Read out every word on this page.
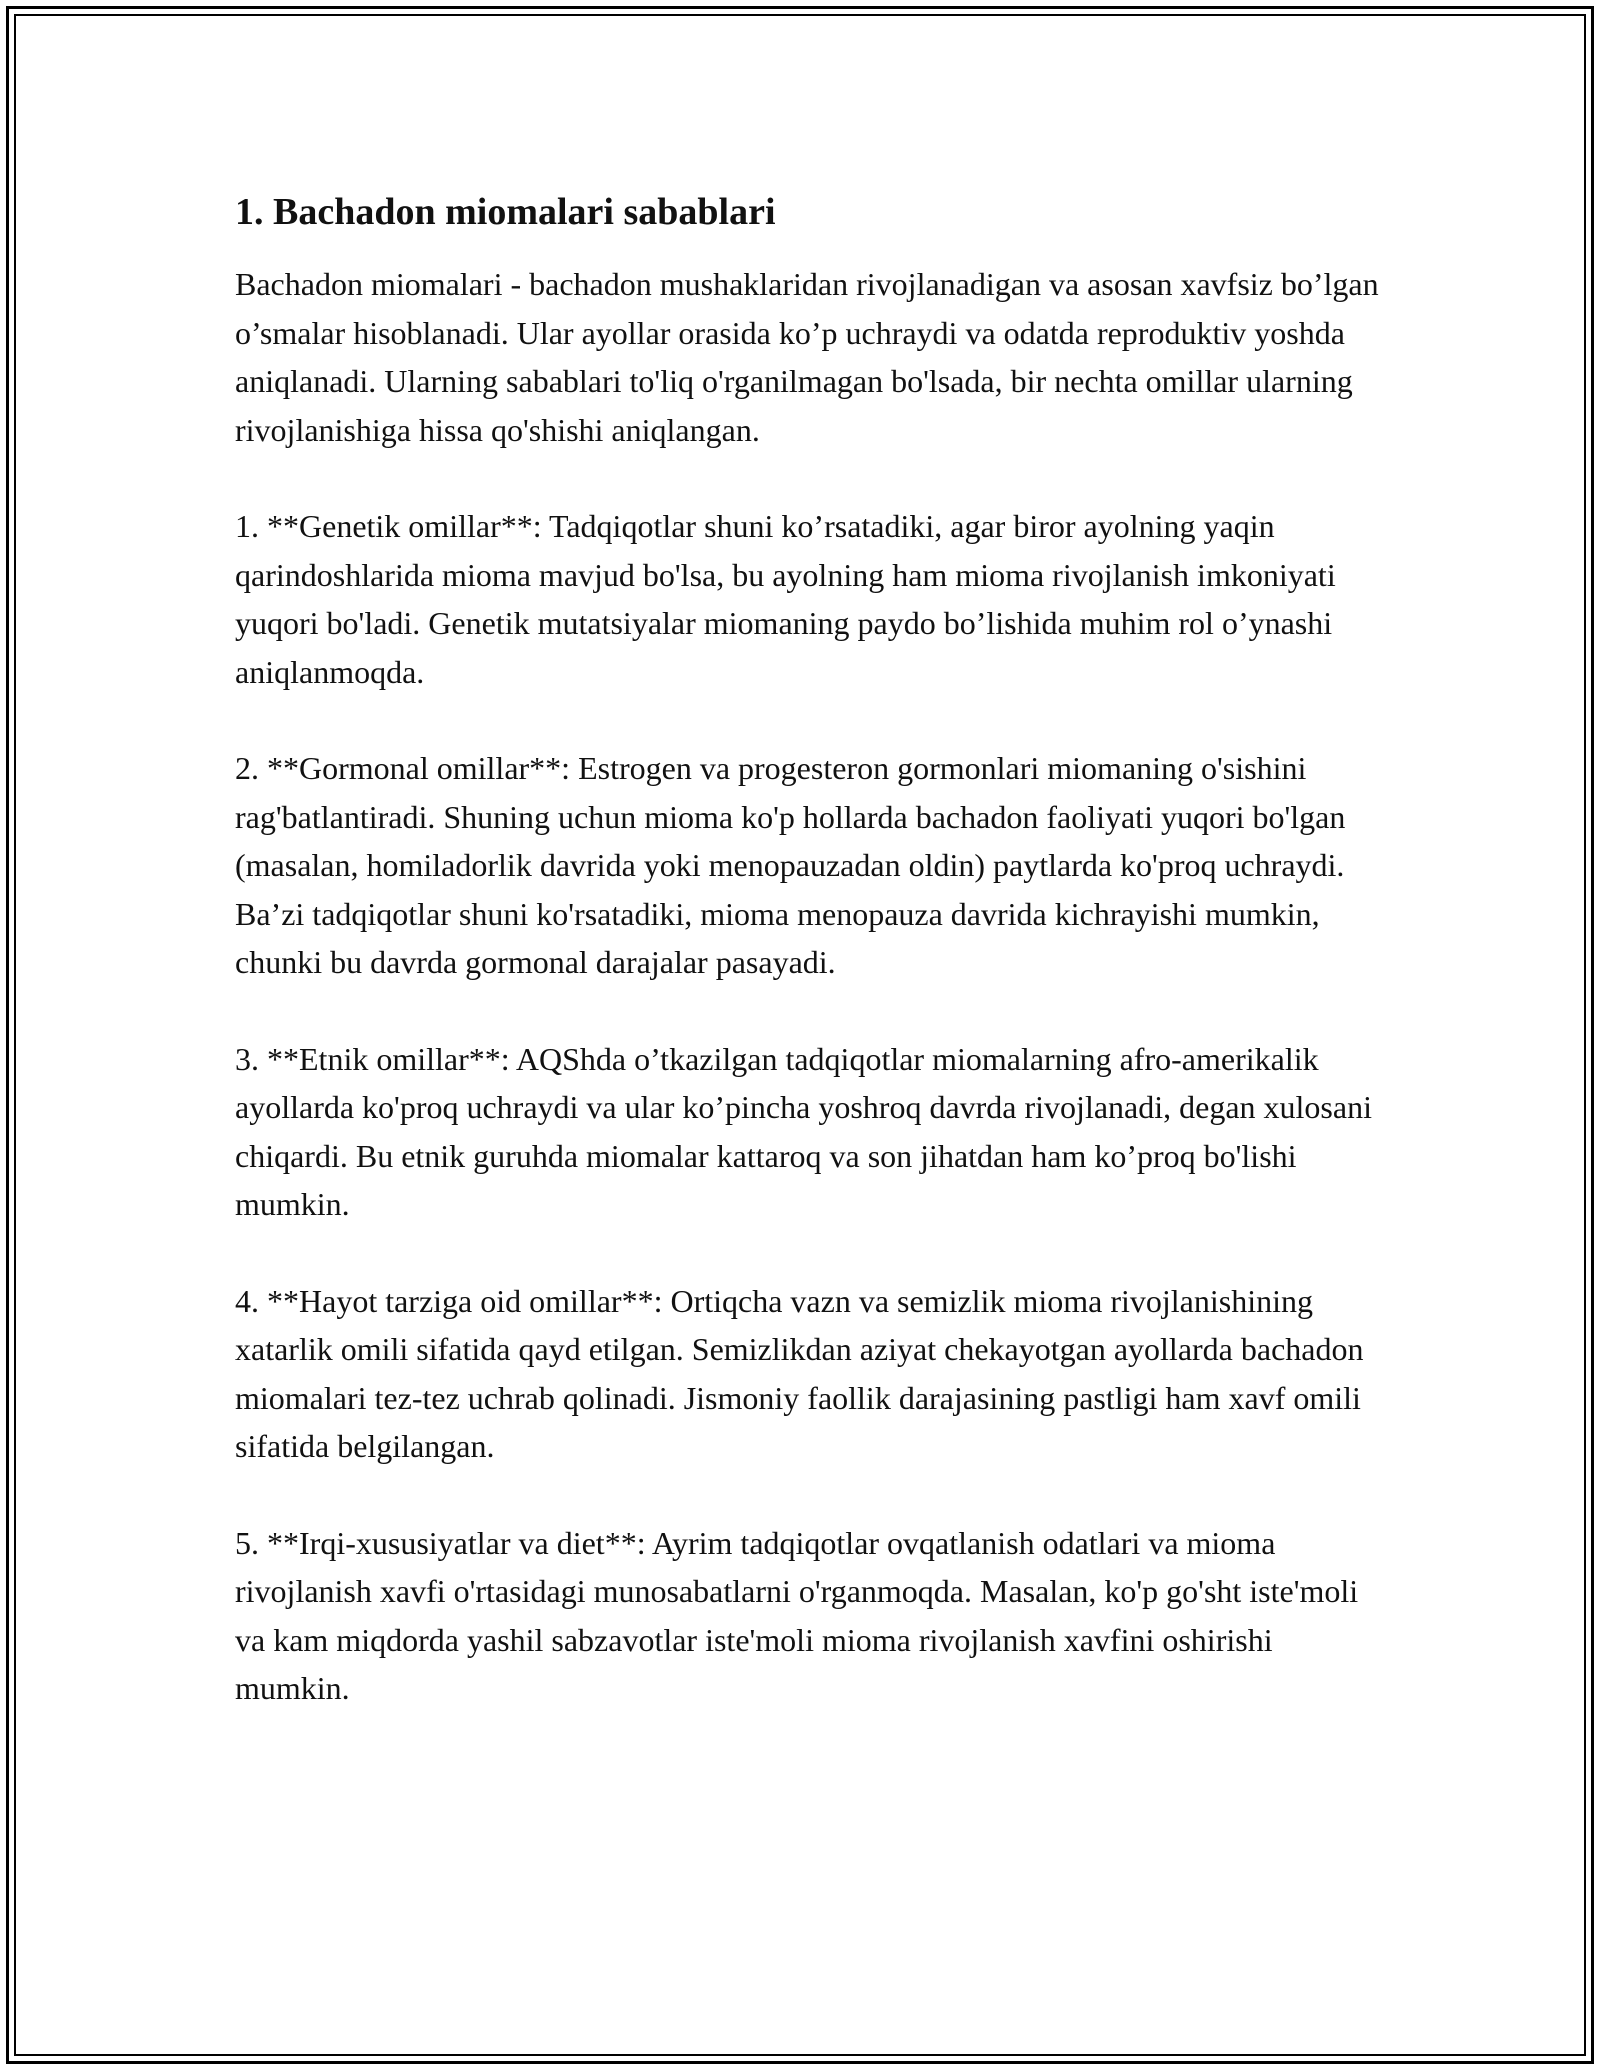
1. Bachadon miomalari sabablari

Bachadon miomalari - bachadon mushaklaridan rivojlanadigan va asosan xavfsiz bo’lgan o’smalar hisoblanadi. Ular ayollar orasida ko’p uchraydi va odatda reproduktiv yoshda aniqlanadi. Ularning sabablari to'liq o'rganilmagan bo'lsada, bir nechta omillar ularning rivojlanishiga hissa qo'shishi aniqlangan.

1. **Genetik omillar**: Tadqiqotlar shuni ko’rsatadiki, agar biror ayolning yaqin qarindoshlarida mioma mavjud bo'lsa, bu ayolning ham mioma rivojlanish imkoniyati yuqori bo'ladi. Genetik mutatsiyalar miomaning paydo bo’lishida muhim rol o’ynashi aniqlanmoqda.

2. **Gormonal omillar**: Estrogen va progesteron gormonlari miomaning o'sishini rag'batlantiradi. Shuning uchun mioma ko'p hollarda bachadon faoliyati yuqori bo'lgan (masalan, homiladorlik davrida yoki menopauzadan oldin) paytlarda ko'proq uchraydi. Ba’zi tadqiqotlar shuni ko'rsatadiki, mioma menopauza davrida kichrayishi mumkin, chunki bu davrda gormonal darajalar pasayadi.

3. **Etnik omillar**: AQShda o’tkazilgan tadqiqotlar miomalarning afro-amerikalik ayollarda ko'proq uchraydi va ular ko’pincha yoshroq davrda rivojlanadi, degan xulosani chiqardi. Bu etnik guruhda miomalar kattaroq va son jihatdan ham ko’proq bo'lishi mumkin.

4. **Hayot tarziga oid omillar**: Ortiqcha vazn va semizlik mioma rivojlanishining xatarlik omili sifatida qayd etilgan. Semizlikdan aziyat chekayotgan ayollarda bachadon miomalari tez-tez uchrab qolinadi. Jismoniy faollik darajasining pastligi ham xavf omili sifatida belgilangan.

5. **Irqi-xususiyatlar va diet**: Ayrim tadqiqotlar ovqatlanish odatlari va mioma rivojlanish xavfi o'rtasidagi munosabatlarni o'rganmoqda. Masalan, ko'p go'sht iste'moli va kam miqdorda yashil sabzavotlar iste'moli mioma rivojlanish xavfini oshirishi mumkin.
